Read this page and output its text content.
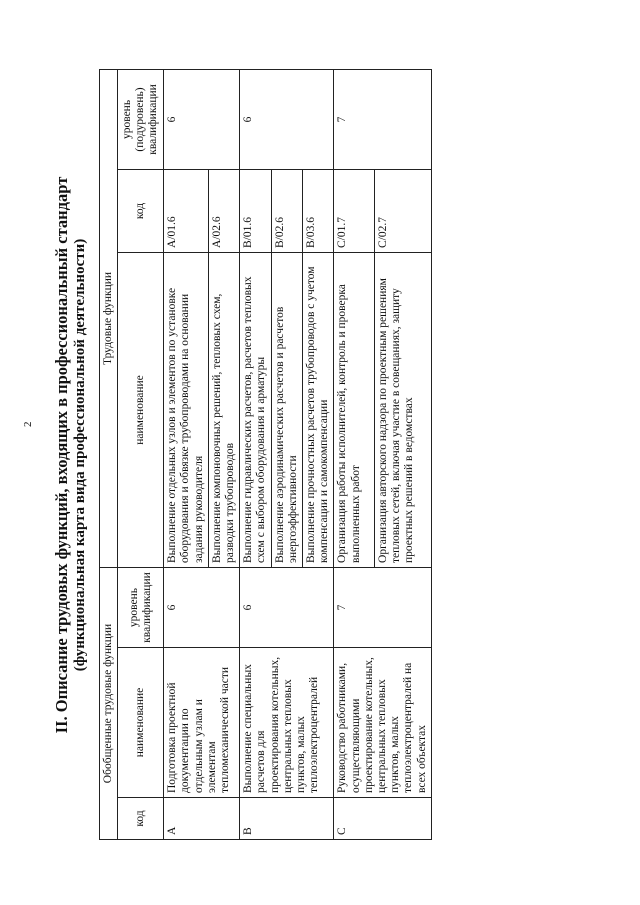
2 II. Описание трудовых функций, входящих в профессиональный стандарт (функциональная карта вида профессиональной деятельности)
Обобщенные трудовые функции			Трудовые функции		
код	наименование	уровень квалификации	наименование	код	уровень (подуровень) квалификации
A	Подготовка проектной документации по отдельным узлам и элементам тепломеханической части	6	Выполнение отдельных узлов и элементов по установке оборудования и обвязке трубопроводами на основании задания руководителя	A/01.6	6
			Выполнение компоновочных решений, тепловых схем, разводки трубопроводов	A/02.6	
B	Выполнение специальных расчетов для проектирования котельных, центральных тепловых пунктов, малых теплоэлектроцентралей	6	Выполнение гидравлических расчетов, расчетов тепловых схем с выбором оборудования и арматуры	B/01.6	6
			Выполнение аэродинамических расчетов и расчетов энергоэффективности	B/02.6	
			Выполнение прочностных расчетов трубопроводов с учетом компенсации и самокомпенсации	B/03.6	
C	Руководство работниками, осуществляющими проектирование котельных, центральных тепловых пунктов, малых теплоэлектроцентралей на всех объектах	7	Организация работы исполнителей, контроль и проверка выполненных работ	C/01.7	7
			Организация авторского надзора по проектным решениям тепловых сетей, включая участие в совещаниях, защиту проектных решений в ведомствах	C/02.7	
